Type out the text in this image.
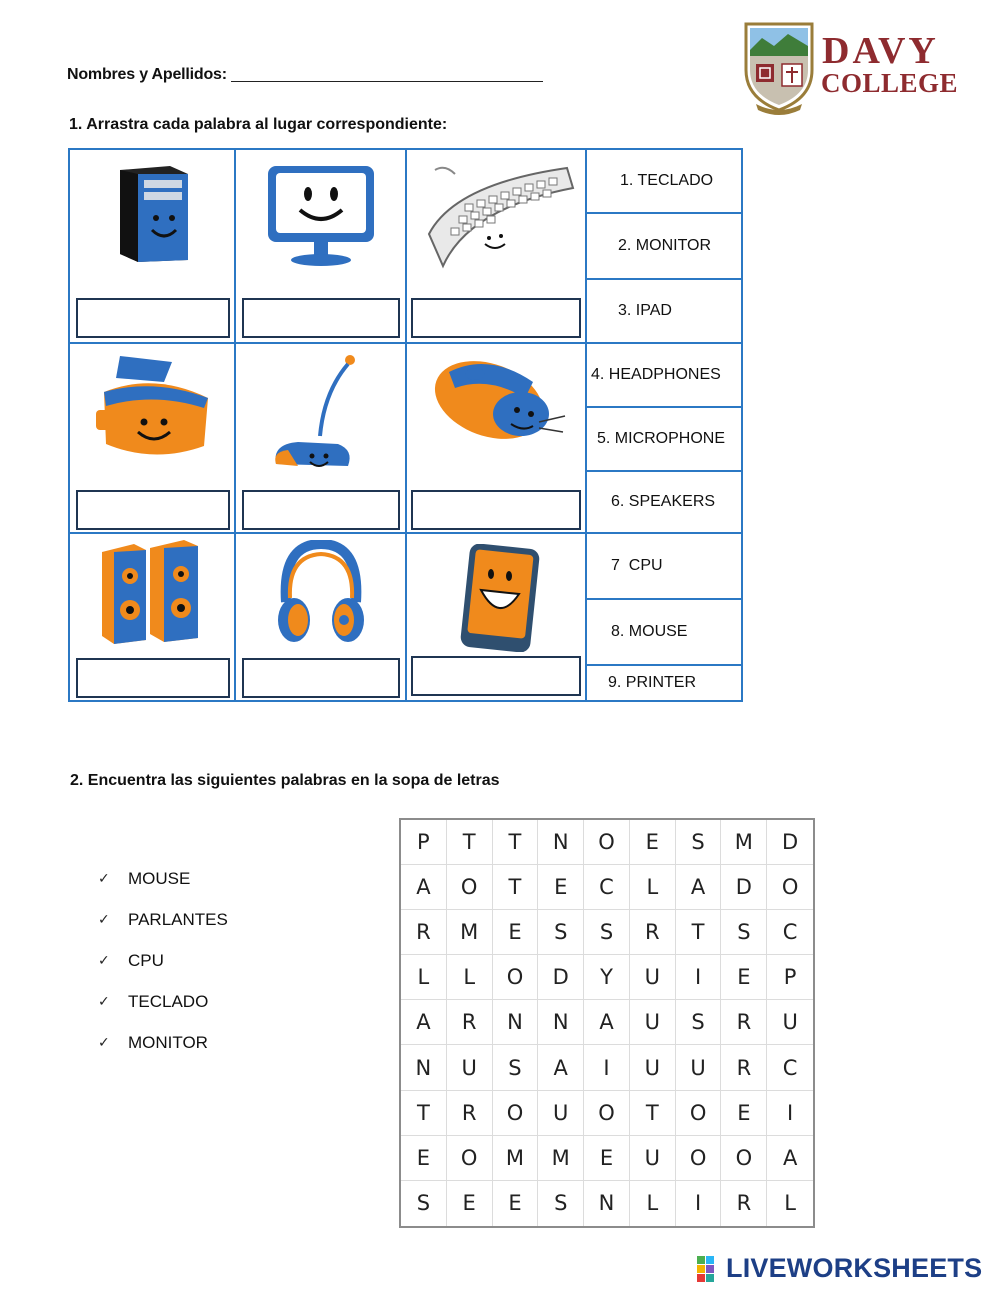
Nombres y Apellidos:
DAVY
COLLEGE
1. Arrastra cada palabra al lugar correspondiente:
1. TECLADO
2. MONITOR
3. IPAD
4. HEADPHONES
5. MICROPHONE
6. SPEAKERS
7  CPU
8. MOUSE
9. PRINTER
2. Encuentra las siguientes palabras en la sopa de letras
✓	MOUSE
✓	PARLANTES
✓	CPU
✓	TECLADO
✓	MONITOR
P	T	T	N	O	E	S	M	D
A	O	T	E	C	L	A	D	O
R	M	E	S	S	R	T	S	C
L	L	O	D	Y	U	I	E	P
A	R	N	N	A	U	S	R	U
N	U	S	A	I	U	U	R	C
T	R	O	U	O	T	O	E	I
E	O	M	M	E	U	O	O	A
S	E	E	S	N	L	I	R	L
LIVEWORKSHEETS
